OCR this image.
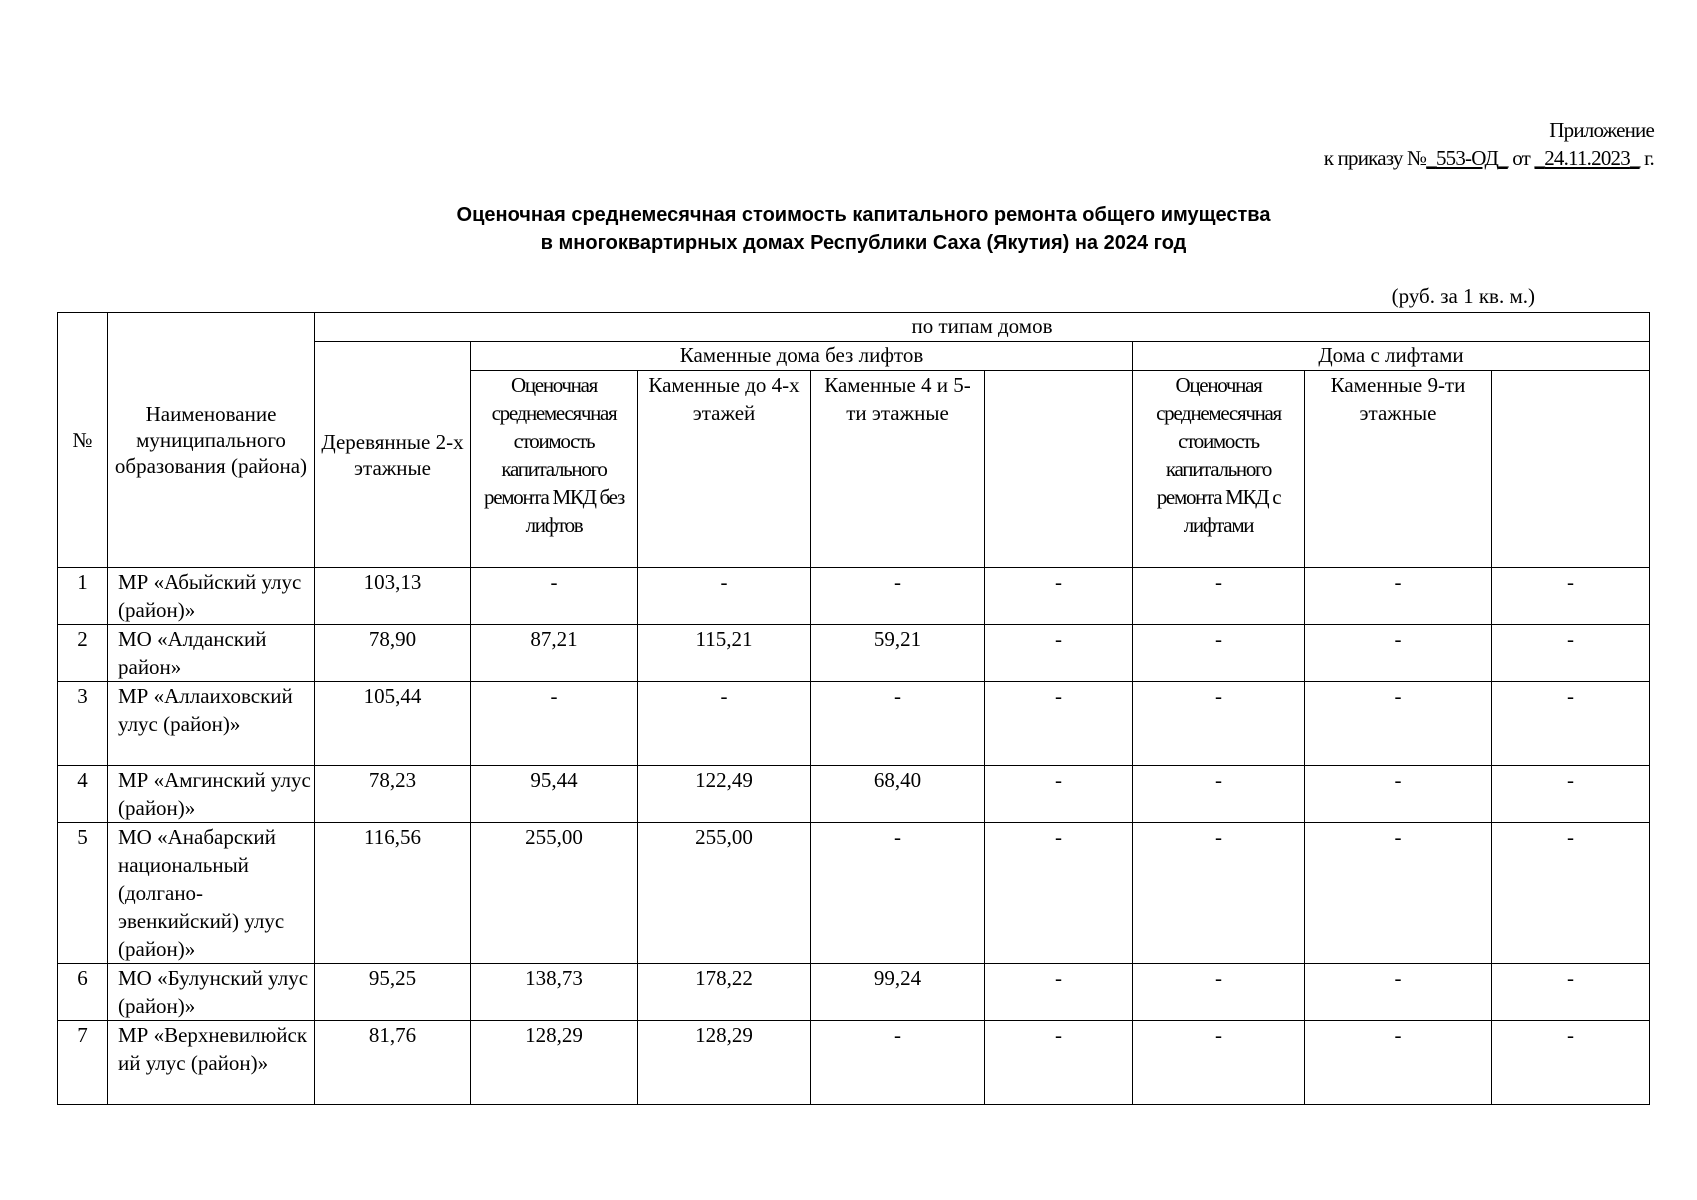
Приложение
к приказу №_553-ОД_ от _24.11.2023_ г.
Оценочная среднемесячная стоимость капитального ремонта общего имущества
в многоквартирных домах Республики Саха (Якутия) на 2024 год
(руб. за 1 кв. м.)
№	Наименование муниципального образования (района)	по типам домов							
		Деревянные 2-х этажные	Каменные дома без лифтов				Дома с лифтами		
			Оценочная среднемесячная стоимость капитального ремонта МКД без лифтов	Каменные до 4-х этажей	Каменные 4 и 5-ти этажные		Оценочная среднемесячная стоимость капитального ремонта МКД с лифтами	Каменные 9-ти этажные	
1	МР «Абыйский улус (район)»	103,13	-	-	-	-	-	-	-
2	МО «Алданский район»	78,90	87,21	115,21	59,21	-	-	-	-
3	МР «Аллаиховский улус (район)»	105,44	-	-	-	-	-	-	-
4	МР «Амгинский улус (район)»	78,23	95,44	122,49	68,40	-	-	-	-
5	МО «Анабарский национальный (долгано-эвенкийский) улус (район)»	116,56	255,00	255,00	-	-	-	-	-
6	МО «Булунский улус (район)»	95,25	138,73	178,22	99,24	-	-	-	-
7	МР «Верхневилюйский улус (район)»	81,76	128,29	128,29	-	-	-	-	-
